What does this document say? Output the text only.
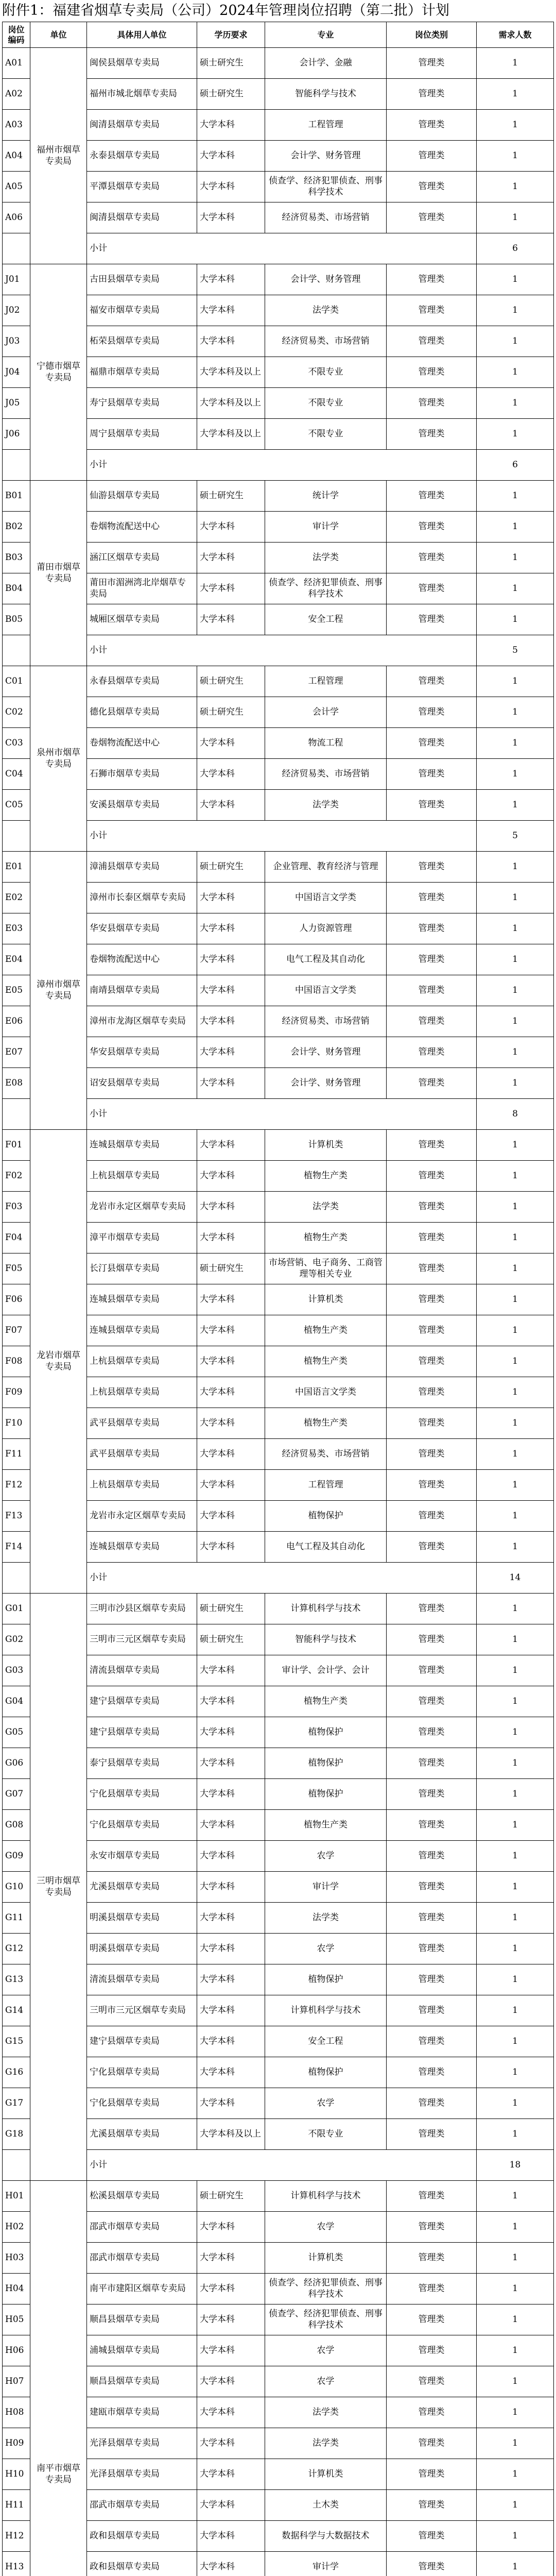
附件1：福建省烟草专卖局（公司）2024年管理岗位招聘（第二批）计划
岗位编码	单位	具体用人单位	学历要求	专业	岗位类别	需求人数
A01	福州市烟草专卖局	闽侯县烟草专卖局	硕士研究生	会计学、金融	管理类	1
A02		福州市城北烟草专卖局	硕士研究生	智能科学与技术	管理类	1
A03		闽清县烟草专卖局	大学本科	工程管理	管理类	1
A04		永泰县烟草专卖局	大学本科	会计学、财务管理	管理类	1
A05		平潭县烟草专卖局	大学本科	侦查学、经济犯罪侦查、刑事科学技术	管理类	1
A06		闽清县烟草专卖局	大学本科	经济贸易类、市场营销	管理类	1
		小计				6
J01	宁德市烟草专卖局	古田县烟草专卖局	大学本科	会计学、财务管理	管理类	1
J02		福安市烟草专卖局	大学本科	法学类	管理类	1
J03		柘荣县烟草专卖局	大学本科	经济贸易类、市场营销	管理类	1
J04		福鼎市烟草专卖局	大学本科及以上	不限专业	管理类	1
J05		寿宁县烟草专卖局	大学本科及以上	不限专业	管理类	1
J06		周宁县烟草专卖局	大学本科及以上	不限专业	管理类	1
		小计				6
B01	莆田市烟草专卖局	仙游县烟草专卖局	硕士研究生	统计学	管理类	1
B02		卷烟物流配送中心	大学本科	审计学	管理类	1
B03		涵江区烟草专卖局	大学本科	法学类	管理类	1
B04		莆田市湄洲湾北岸烟草专卖局	大学本科	侦查学、经济犯罪侦查、刑事科学技术	管理类	1
B05		城厢区烟草专卖局	大学本科	安全工程	管理类	1
		小计				5
C01	泉州市烟草专卖局	永春县烟草专卖局	硕士研究生	工程管理	管理类	1
C02		德化县烟草专卖局	硕士研究生	会计学	管理类	1
C03		卷烟物流配送中心	大学本科	物流工程	管理类	1
C04		石狮市烟草专卖局	大学本科	经济贸易类、市场营销	管理类	1
C05		安溪县烟草专卖局	大学本科	法学类	管理类	1
		小计				5
E01	漳州市烟草专卖局	漳浦县烟草专卖局	硕士研究生	企业管理、教育经济与管理	管理类	1
E02		漳州市长泰区烟草专卖局	大学本科	中国语言文学类	管理类	1
E03		华安县烟草专卖局	大学本科	人力资源管理	管理类	1
E04		卷烟物流配送中心	大学本科	电气工程及其自动化	管理类	1
E05		南靖县烟草专卖局	大学本科	中国语言文学类	管理类	1
E06		漳州市龙海区烟草专卖局	大学本科	经济贸易类、市场营销	管理类	1
E07		华安县烟草专卖局	大学本科	会计学、财务管理	管理类	1
E08		诏安县烟草专卖局	大学本科	会计学、财务管理	管理类	1
		小计				8
F01	龙岩市烟草专卖局	连城县烟草专卖局	大学本科	计算机类	管理类	1
F02		上杭县烟草专卖局	大学本科	植物生产类	管理类	1
F03		龙岩市永定区烟草专卖局	大学本科	法学类	管理类	1
F04		漳平市烟草专卖局	大学本科	植物生产类	管理类	1
F05		长汀县烟草专卖局	硕士研究生	市场营销、电子商务、工商管理等相关专业	管理类	1
F06		连城县烟草专卖局	大学本科	计算机类	管理类	1
F07		连城县烟草专卖局	大学本科	植物生产类	管理类	1
F08		上杭县烟草专卖局	大学本科	植物生产类	管理类	1
F09		上杭县烟草专卖局	大学本科	中国语言文学类	管理类	1
F10		武平县烟草专卖局	大学本科	植物生产类	管理类	1
F11		武平县烟草专卖局	大学本科	经济贸易类、市场营销	管理类	1
F12		上杭县烟草专卖局	大学本科	工程管理	管理类	1
F13		龙岩市永定区烟草专卖局	大学本科	植物保护	管理类	1
F14		连城县烟草专卖局	大学本科	电气工程及其自动化	管理类	1
		小计				14
G01	三明市烟草专卖局	三明市沙县区烟草专卖局	硕士研究生	计算机科学与技术	管理类	1
G02		三明市三元区烟草专卖局	硕士研究生	智能科学与技术	管理类	1
G03		清流县烟草专卖局	大学本科	审计学、会计学、会计	管理类	1
G04		建宁县烟草专卖局	大学本科	植物生产类	管理类	1
G05		建宁县烟草专卖局	大学本科	植物保护	管理类	1
G06		泰宁县烟草专卖局	大学本科	植物保护	管理类	1
G07		宁化县烟草专卖局	大学本科	植物保护	管理类	1
G08		宁化县烟草专卖局	大学本科	植物生产类	管理类	1
G09		永安市烟草专卖局	大学本科	农学	管理类	1
G10		尤溪县烟草专卖局	大学本科	审计学	管理类	1
G11		明溪县烟草专卖局	大学本科	法学类	管理类	1
G12		明溪县烟草专卖局	大学本科	农学	管理类	1
G13		清流县烟草专卖局	大学本科	植物保护	管理类	1
G14		三明市三元区烟草专卖局	大学本科	计算机科学与技术	管理类	1
G15		建宁县烟草专卖局	大学本科	安全工程	管理类	1
G16		宁化县烟草专卖局	大学本科	植物保护	管理类	1
G17		宁化县烟草专卖局	大学本科	农学	管理类	1
G18		尤溪县烟草专卖局	大学本科及以上	不限专业	管理类	1
		小计				18
H01	南平市烟草专卖局	松溪县烟草专卖局	硕士研究生	计算机科学与技术	管理类	1
H02		邵武市烟草专卖局	大学本科	农学	管理类	1
H03		邵武市烟草专卖局	大学本科	计算机类	管理类	1
H04		南平市建阳区烟草专卖局	大学本科	侦查学、经济犯罪侦查、刑事科学技术	管理类	1
H05		顺昌县烟草专卖局	大学本科	侦查学、经济犯罪侦查、刑事科学技术	管理类	1
H06		浦城县烟草专卖局	大学本科	农学	管理类	1
H07		顺昌县烟草专卖局	大学本科	农学	管理类	1
H08		建瓯市烟草专卖局	大学本科	法学类	管理类	1
H09		光泽县烟草专卖局	大学本科	法学类	管理类	1
H10		光泽县烟草专卖局	大学本科	计算机类	管理类	1
H11		邵武市烟草专卖局	大学本科	土木类	管理类	1
H12		政和县烟草专卖局	大学本科	数据科学与大数据技术	管理类	1
H13		政和县烟草专卖局	大学本科	审计学	管理类	1
